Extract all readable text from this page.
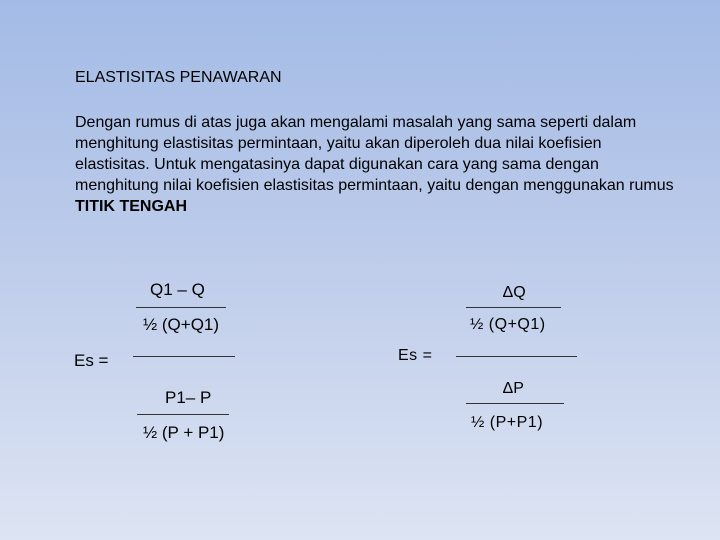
ELASTISITAS PENAWARAN
Dengan rumus di atas juga akan mengalami masalah yang sama seperti dalam menghitung elastisitas permintaan, yaitu akan diperoleh dua nilai koefisien elastisitas. Untuk mengatasinya dapat digunakan cara yang sama dengan menghitung nilai koefisien elastisitas permintaan, yaitu dengan menggunakan rumus TITIK TENGAH
Q1 – Q
½ (Q+Q1)
Es =
P1– P
½ (P + P1)
∆Q
½ (Q+Q1)
Es =
∆P
½ (P+P1)
